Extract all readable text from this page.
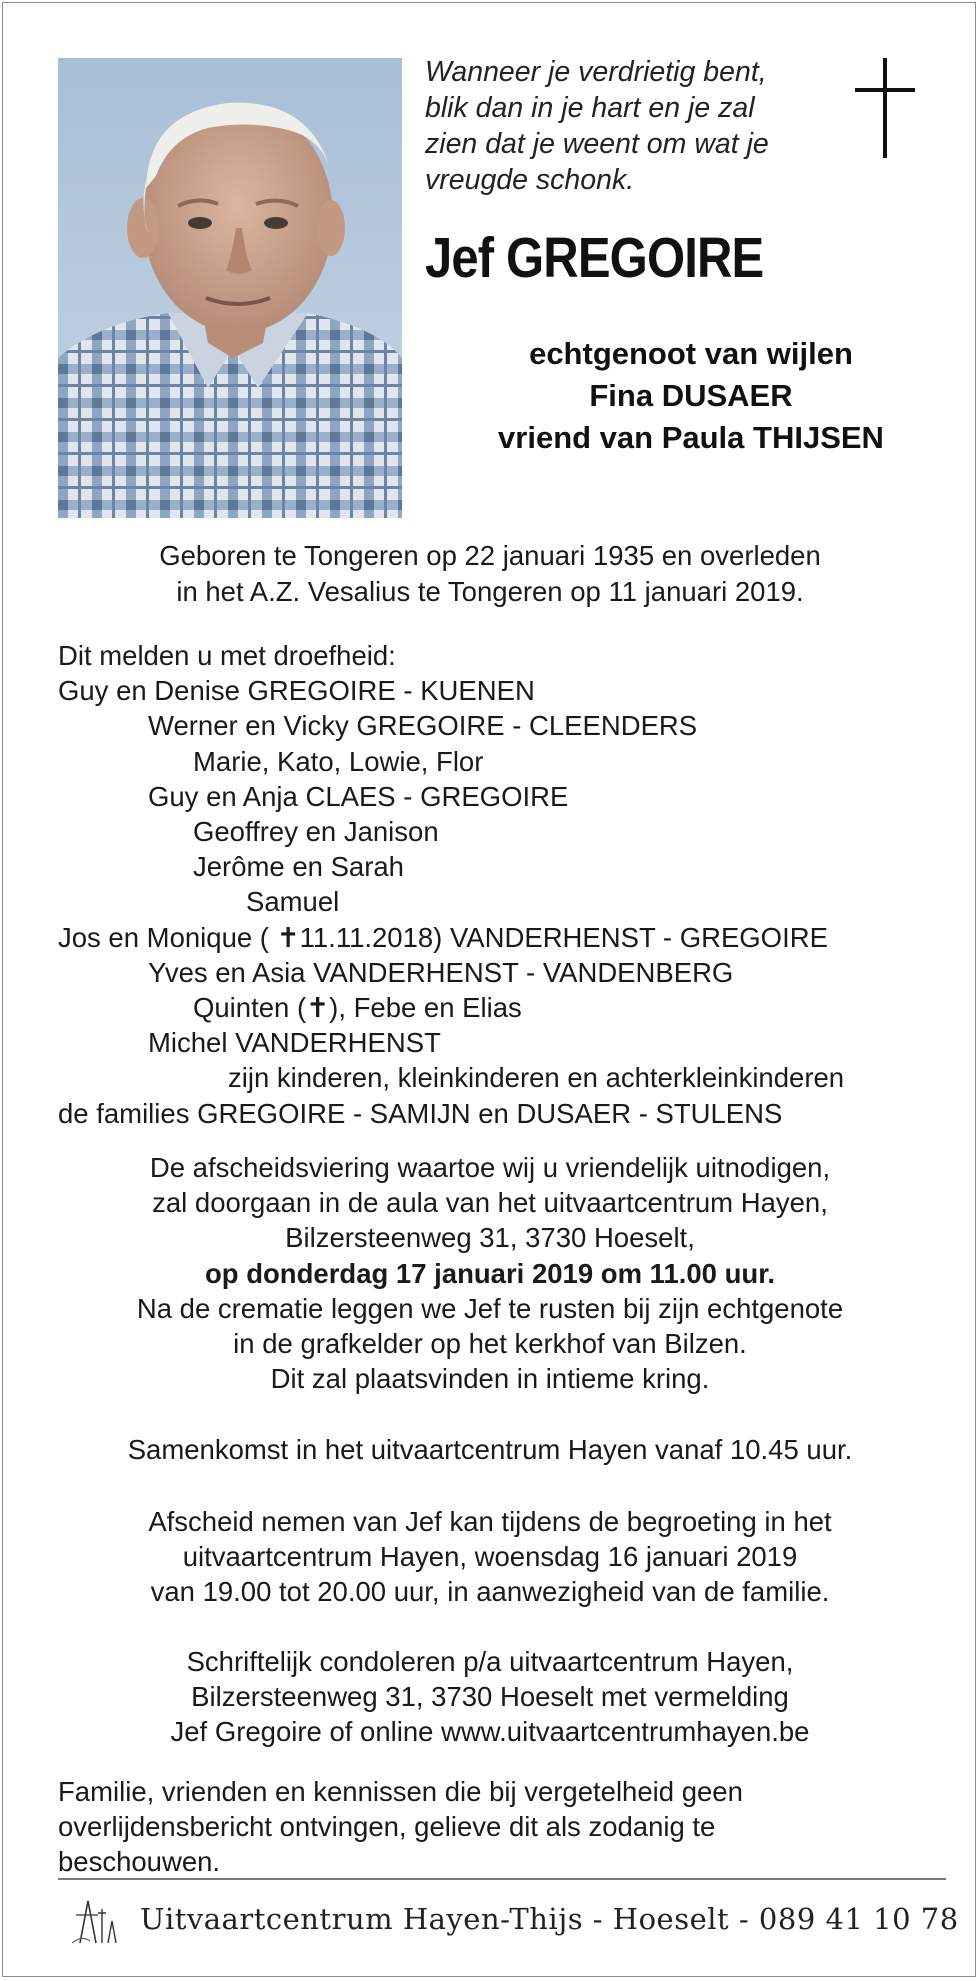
Wanneer je verdrietig bent,
blik dan in je hart en je zal
zien dat je weent om wat je
vreugde schonk.
Jef GREGOIRE
echtgenoot van wijlen
Fina DUSAER
vriend van Paula THIJSEN
Geboren te Tongeren op 22 januari 1935 en overleden
in het A.Z. Vesalius te Tongeren op 11 januari 2019.
Dit melden u met droefheid:
Guy en Denise GREGOIRE - KUENEN
Werner en Vicky GREGOIRE - CLEENDERS
Marie, Kato, Lowie, Flor
Guy en Anja CLAES - GREGOIRE
Geoffrey en Janison
Jerôme en Sarah
Samuel
Jos en Monique ( ✝11.11.2018) VANDERHENST - GREGOIRE
Yves en Asia VANDERHENST - VANDENBERG
Quinten (✝), Febe en Elias
Michel VANDERHENST
zijn kinderen, kleinkinderen en achterkleinkinderen
de families GREGOIRE - SAMIJN en DUSAER - STULENS
De afscheidsviering waartoe wij u vriendelijk uitnodigen,
zal doorgaan in de aula van het uitvaartcentrum Hayen,
Bilzersteenweg 31, 3730 Hoeselt,
op donderdag 17 januari 2019 om 11.00 uur.
Na de crematie leggen we Jef te rusten bij zijn echtgenote
in de grafkelder op het kerkhof van Bilzen.
Dit zal plaatsvinden in intieme kring.
Samenkomst in het uitvaartcentrum Hayen vanaf 10.45 uur.
Afscheid nemen van Jef kan tijdens de begroeting in het
uitvaartcentrum Hayen, woensdag 16 januari 2019
van 19.00 tot 20.00 uur, in aanwezigheid van de familie.
Schriftelijk condoleren p/a uitvaartcentrum Hayen,
Bilzersteenweg 31, 3730 Hoeselt met vermelding
Jef Gregoire of online www.uitvaartcentrumhayen.be
Familie, vrienden en kennissen die bij vergetelheid geen
overlijdensbericht ontvingen, gelieve dit als zodanig te
beschouwen.
Uitvaartcentrum Hayen-Thijs - Hoeselt - 089 41 10 78
